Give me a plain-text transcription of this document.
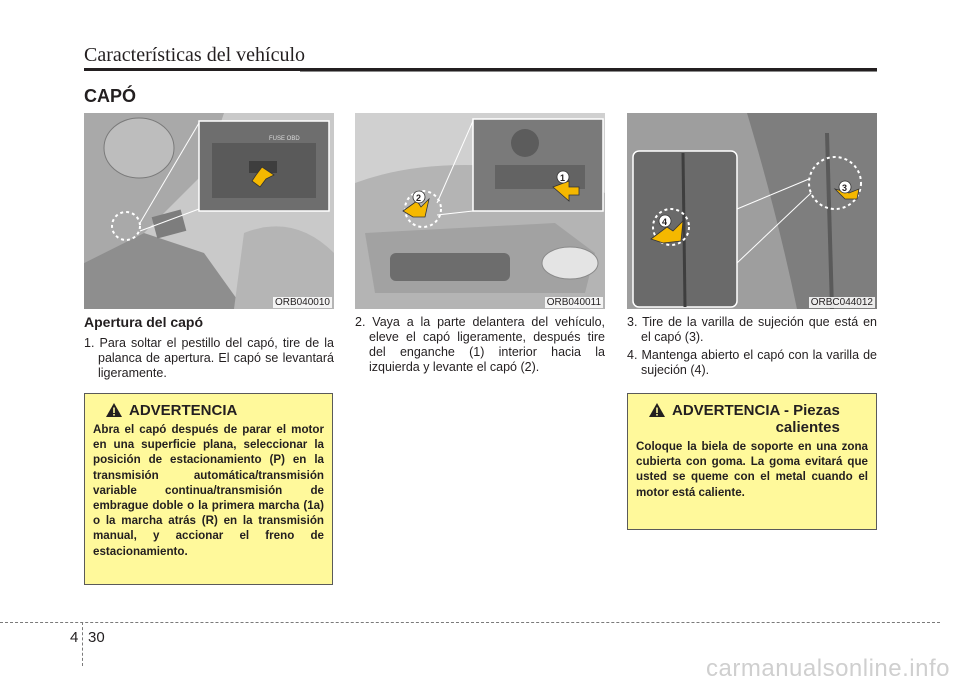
Características del vehículo
CAPÓ
FUSE OBD
ORB040010
2
1
ORB040011
3
4
ORBC044012
Apertura del capó

1. Para soltar el pestillo del capó, tire de la palanca de apertura. El capó se levantará ligeramente.

2. Vaya a la parte delantera del vehículo, eleve el capó ligeramente, después tire del enganche (1) interior hacia la izquierda y levante el capó (2).

3. Tire de la varilla de sujeción que está en el capó (3).

4. Mantenga abierto el capó con la varilla de sujeción (4).

ADVERTENCIA
Abra el capó después de parar el motor en una superficie plana, seleccionar la posición de estacionamiento (P) en la transmisión automática/transmisión variable continua/transmisión de embrague doble o la primera marcha (1a) o la marcha atrás (R) en la transmisión manual, y accionar el freno de estacionamiento.
ADVERTENCIA - Piezas
calientes
Coloque la biela de soporte en una zona cubierta con goma. La goma evitará que usted se queme con el metal cuando el motor está caliente.
4 30
carmanualsonline.info
